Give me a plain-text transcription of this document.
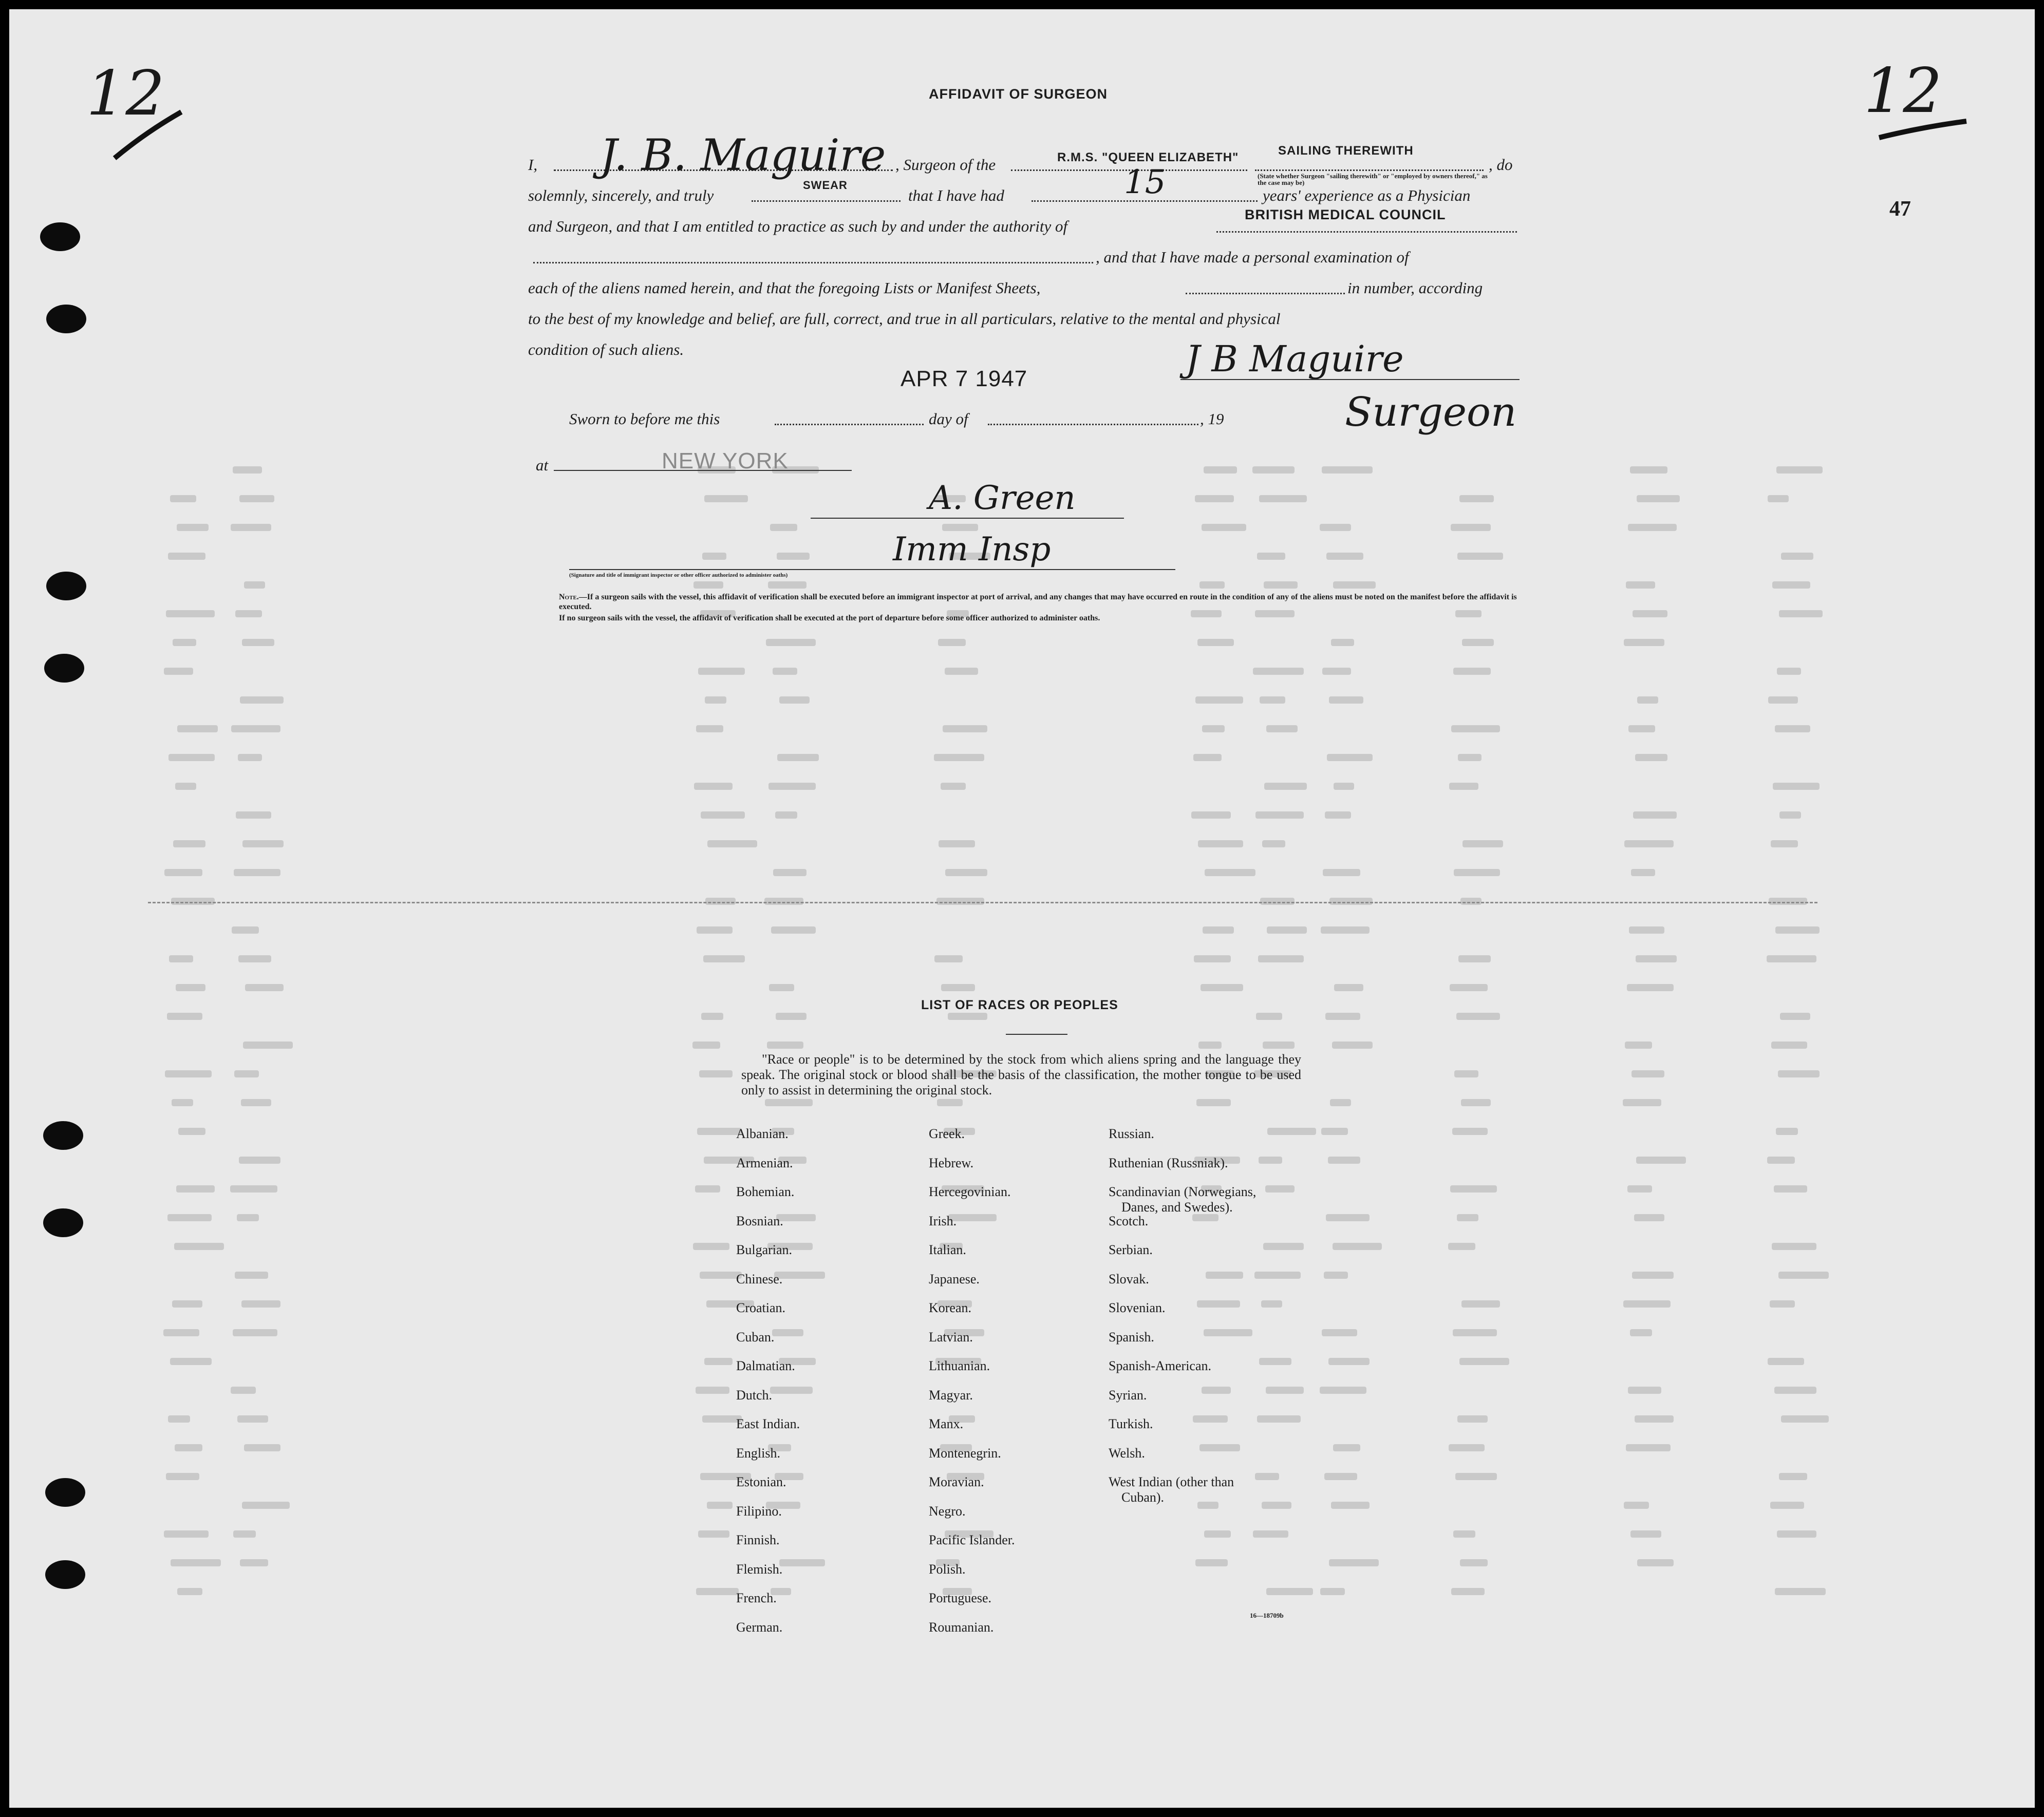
12	12
47
AFFIDAVIT OF SURGEON
I, J. B. Maguire , Surgeon of the	R.M.S. "QUEEN ELIZABETH"	SAILING THEREWITH
(State whether Surgeon "sailing therewith" or "employed by owners thereof," as the case may be)
, do
solemnly, sincerely, and truly
SWEAR
that I have had	15	years' experience as a Physician
and Surgeon, and that I am entitled to practice as such by and under the authority of
BRITISH MEDICAL COUNCIL
, and that I have made a personal examination of
each of the aliens named herein, and that the foregoing Lists or Manifest Sheets,	in number, according
to the best of my knowledge and belief, are full, correct, and true in all particulars, relative to the mental and physical
condition of such aliens.
APR 7 1947	J B Maguire
Surgeon
Sworn to before me this	day of	, 19
at	NEW YORK
A. Green
Imm Insp
(Signature and title of immigrant inspector or other officer authorized to administer oaths)
Note.—If a surgeon sails with the vessel, this affidavit of verification shall be executed before an immigrant inspector at port of arrival, and any changes that may have occurred en route in the condition of any of the aliens must be noted on the manifest before the affidavit is executed.
If no surgeon sails with the vessel, the affidavit of verification shall be executed at the port of departure before some officer authorized to administer oaths.
LIST OF RACES OR PEOPLES
"Race or people" is to be determined by the stock from which aliens spring and the language they speak. The original stock or blood shall be the basis of the classification, the mother tongue to be used only to assist in determining the original stock.
Albanian.
Armenian.
Bohemian.
Bosnian.
Bulgarian.
Chinese.
Croatian.
Cuban.
Dalmatian.
Dutch.
East Indian.
English.
Estonian.
Filipino.
Finnish.
Flemish.
French.
German.
Greek.
Hebrew.
Hercegovinian.
Irish.
Italian.
Japanese.
Korean.
Latvian.
Lithuanian.
Magyar.
Manx.
Montenegrin.
Moravian.
Negro.
Pacific Islander.
Polish.
Portuguese.
Roumanian.
Russian.
Ruthenian (Russniak).
Scandinavian (Norwegians,
Danes, and Swedes).
Scotch.
Serbian.
Slovak.
Slovenian.
Spanish.
Spanish-American.
Syrian.
Turkish.
Welsh.
West Indian (other than
Cuban).
16—18709b
